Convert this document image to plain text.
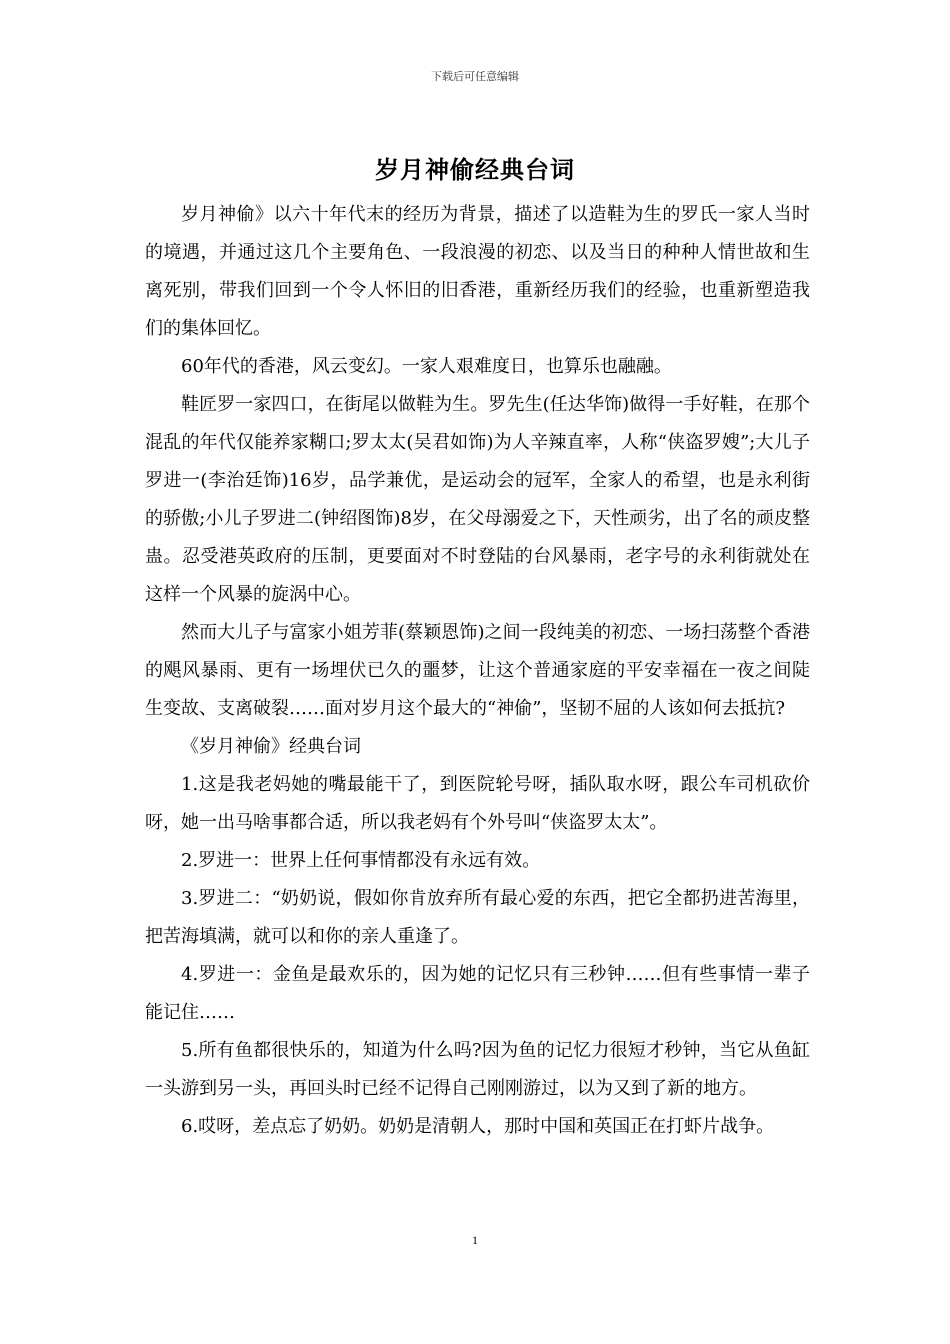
下载后可任意编辑
岁月神偷经典台词

岁月神偷》以六十年代末的经历为背景，描述了以造鞋为生的罗氏一家人当时的境遇，并通过这几个主要角色、一段浪漫的初恋、以及当日的种种人情世故和生离死别，带我们回到一个令人怀旧的旧香港，重新经历我们的经验，也重新塑造我们的集体回忆。

60年代的香港，风云变幻。一家人艰难度日，也算乐也融融。

鞋匠罗一家四口，在街尾以做鞋为生。罗先生(任达华饰)做得一手好鞋，在那个混乱的年代仅能养家糊口;罗太太(吴君如饰)为人辛辣直率，人称“侠盗罗嫂”;大儿子罗进一(李治廷饰)16岁，品学兼优，是运动会的冠军，全家人的希望，也是永利街的骄傲;小儿子罗进二(钟绍图饰)8岁，在父母溺爱之下，天性顽劣，出了名的顽皮整蛊。忍受港英政府的压制，更要面对不时登陆的台风暴雨，老字号的永利街就处在这样一个风暴的旋涡中心。

然而大儿子与富家小姐芳菲(蔡颖恩饰)之间一段纯美的初恋、一场扫荡整个香港的飓风暴雨、更有一场埋伏已久的噩梦，让这个普通家庭的平安幸福在一夜之间陡生变故、支离破裂……面对岁月这个最大的“神偷”，坚韧不屈的人该如何去抵抗?

《岁月神偷》经典台词

1.这是我老妈她的嘴最能干了，到医院轮号呀，插队取水呀，跟公车司机砍价呀，她一出马啥事都合适，所以我老妈有个外号叫“侠盗罗太太”。

2.罗进一：世界上任何事情都没有永远有效。

3.罗进二：“奶奶说，假如你肯放弃所有最心爱的东西，把它全都扔进苦海里，把苦海填满，就可以和你的亲人重逢了。

4.罗进一：金鱼是最欢乐的，因为她的记忆只有三秒钟……但有些事情一辈子能记住……

5.所有鱼都很快乐的，知道为什么吗?因为鱼的记忆力很短才秒钟，当它从鱼缸一头游到另一头，再回头时已经不记得自己刚刚游过，以为又到了新的地方。

6.哎呀，差点忘了奶奶。奶奶是清朝人，那时中国和英国正在打虾片战争。

1
